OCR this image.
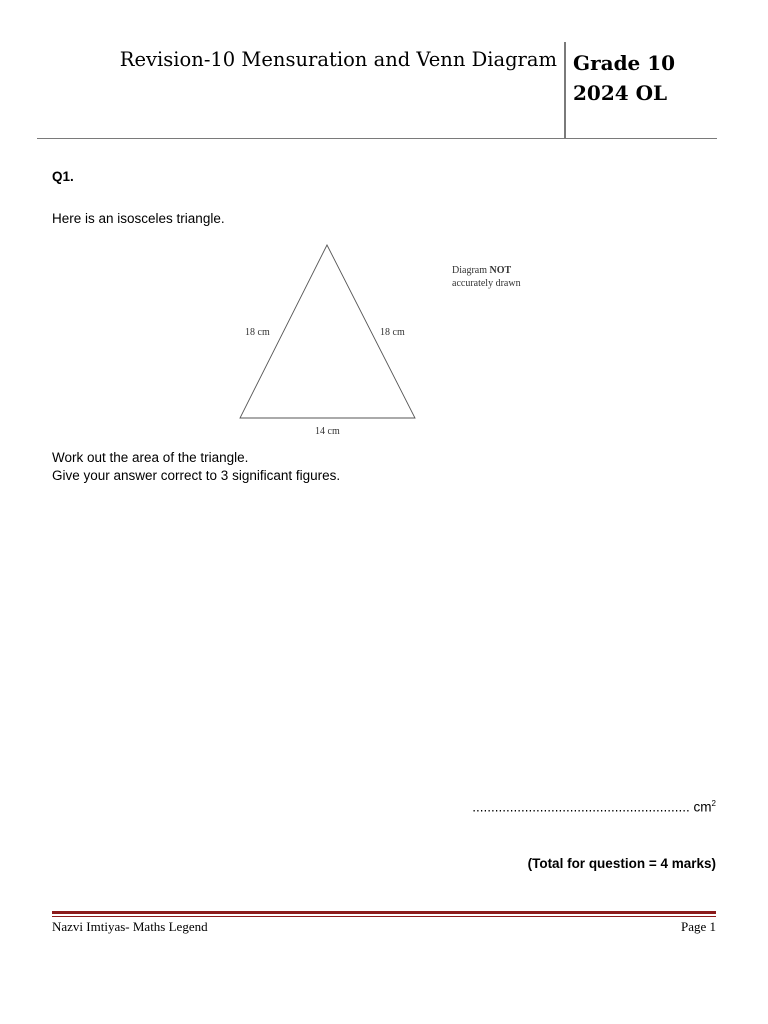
Revision-10 Mensuration and Venn Diagram Grade 10
2024 OL
Q1.
Here is an isosceles triangle.
18 cm	18 cm
14 cm
Diagram NOT
accurately drawn
Work out the area of the triangle.
Give your answer correct to 3 significant figures.
.......................................................... $cm^2$
(Total for question = 4 marks)
Nazvi Imtiyas- Maths Legend	Page 1
